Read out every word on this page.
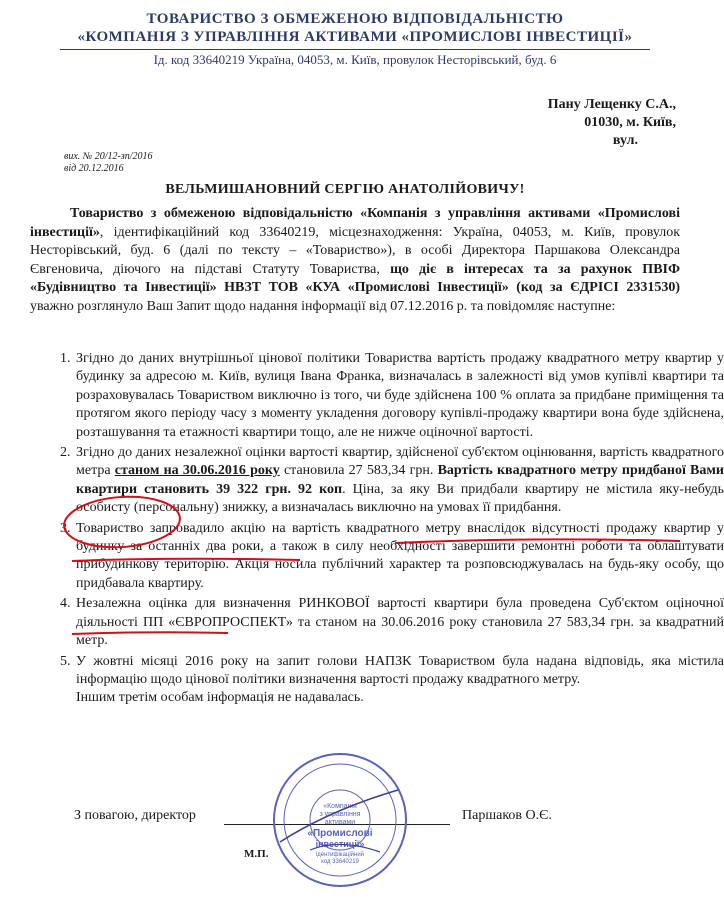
ТОВАРИСТВО З ОБМЕЖЕНОЮ ВІДПОВІДАЛЬНІСТЮ
«КОМПАНІЯ З УПРАВЛІННЯ АКТИВАМИ «ПРОМИСЛОВІ ІНВЕСТИЦІЇ»
Ід. код 33640219 Україна, 04053, м. Київ, провулок Несторівський, буд. 6
Пану Лещенку С.А.,
01030, м. Київ,
вул.
вих. № 20/12-зп/2016
від 20.12.2016
ВЕЛЬМИШАНОВНИЙ СЕРГІЮ АНАТОЛІЙОВИЧУ!
Товариство з обмеженою відповідальністю «Компанія з управління активами «Промислові інвестиції», ідентифікаційний код 33640219, місцезнаходження: Україна, 04053, м. Київ, провулок Несторівський, буд. 6 (далі по тексту – «Товариство»), в особі Директора Паршакова Олександра Євгеновича, діючого на підставі Статуту Товариства, що діє в інтересах та за рахунок ПВІФ «Будівництво та Інвестиції» НВЗТ ТОВ «КУА «Промислові Інвестиції» (код за ЄДРІСІ 2331530) уважно розглянуло Ваш Запит щодо надання інформації від 07.12.2016 р. та повідомляє наступне:
1. Згідно до даних внутрішньої цінової політики Товариства вартість продажу квадратного метру квартир у будинку за адресою м. Київ, вулиця Івана Франка, визначалась в залежності від умов купівлі квартири та розраховувалась Товариством виключно із того, чи буде здійснена 100 % оплата за придбане приміщення та протягом якого періоду часу з моменту укладення договору купівлі-продажу квартири вона буде здійснена, розташування та етажності квартири тощо, але не нижче оціночної вартості.
2. Згідно до даних незалежної оцінки вартості квартир, здійсненої суб'єктом оцінювання, вартість квадратного метра станом на 30.06.2016 року становила 27 583,34 грн. Вартість квадратного метру придбаної Вами квартири становить 39 322 грн. 92 коп. Ціна, за яку Ви придбали квартиру не містила яку-небудь особисту (персональну) знижку, а визначалась виключно на умовах її придбання.
3. Товариство запровадило акцію на вартість квадратного метру внаслідок відсутності продажу квартир у будинку за останніх два роки, а також в силу необхідності завершити ремонтні роботи та облаштувати прибудинкову територію. Акція носила публічний характер та розповсюджувалась на будь-яку особу, що придбавала квартиру.
4. Незалежна оцінка для визначення РИНКОВОЇ вартості квартири була проведена Суб'єктом оціночної діяльності ПП «ЄВРОПРОСПЕКТ» та станом на 30.06.2016 року становила 27 583,34 грн. за квадратний метр.
5. У жовтні місяці 2016 року на запит голови НАПЗК Товариством була надана відповідь, яка містила інформацію щодо цінової політики визначення вартості продажу квадратного метру.
Іншим третім особам інформація не надавалась.
З повагою, директор	Паршаков О.Є.
«Компанія
з управління
активами
«Промислові
інвестиції»
ідентифікаційний
код 33640219
М.П.
